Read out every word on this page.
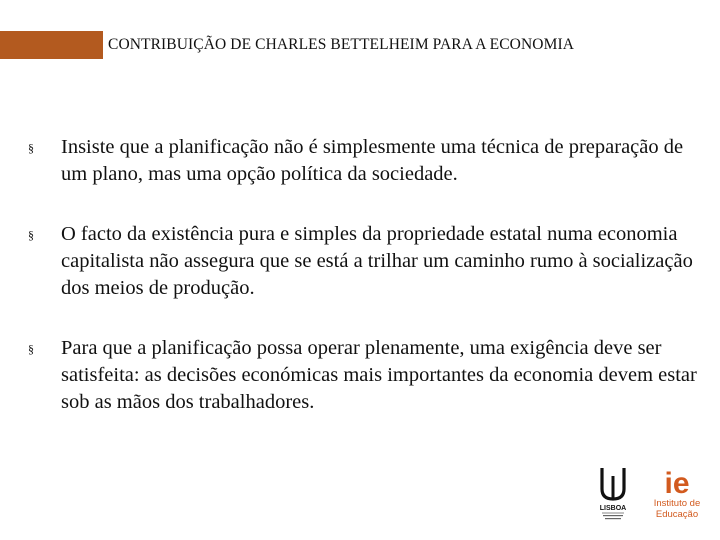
CONTRIBUIÇÃO DE CHARLES BETTELHEIM PARA A ECONOMIA
§ Insiste que a planificação não é simplesmente uma técnica de preparação de um plano, mas uma opção política da sociedade.
§ O facto da existência pura e simples da propriedade estatal numa economia capitalista não assegura que se está a trilhar um caminho rumo à socialização dos meios de produção.
§ Para que a planificação possa operar plenamente, uma exigência deve ser satisfeita: as decisões económicas mais importantes da economia devem estar sob as mãos dos trabalhadores.
LISBOA
ie
Instituto de
Educação
